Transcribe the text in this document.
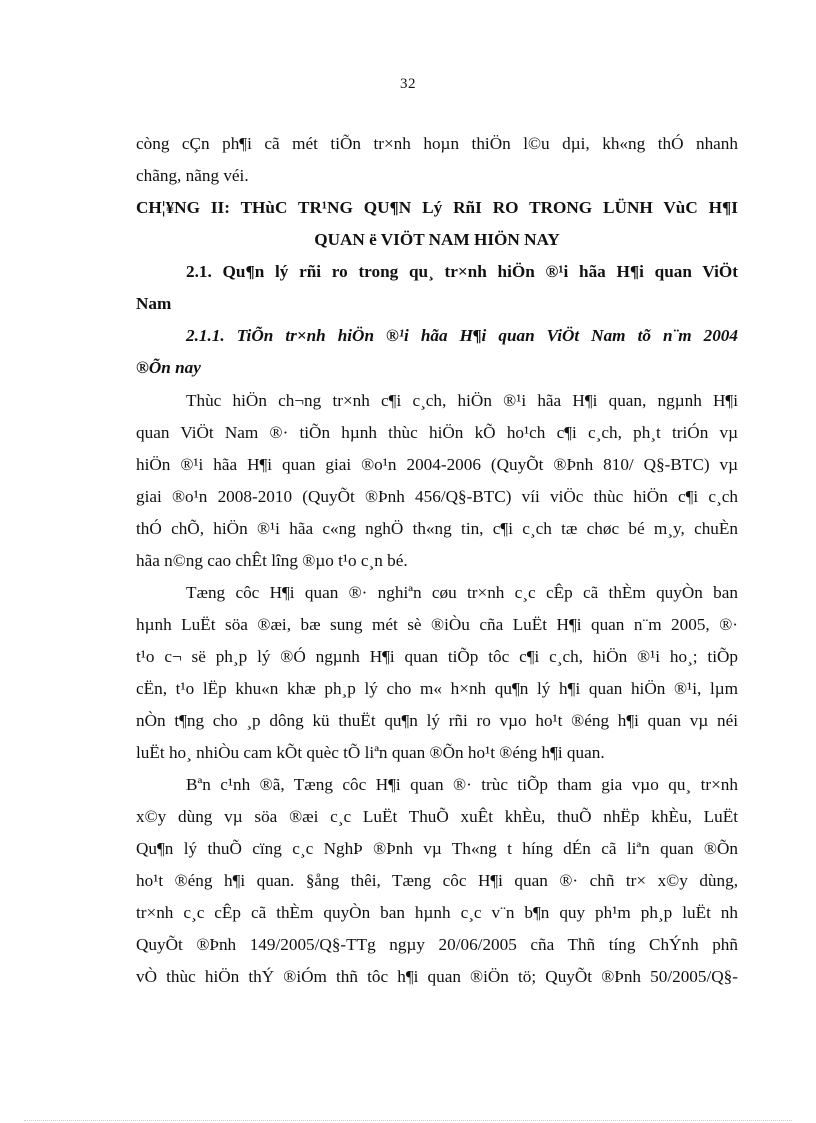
32
còng cÇn ph¶i cã mét tiÕn tr×nh hoµn thiÖn l©u dµi, kh«ng thÓ nhanh
chãng, nãng véi.
CH¦¥NG II: THùC TR¹NG QU¶N Lý RñI RO TRONG LÜNH VùC H¶I
QUAN ë VIÖT NAM HIÖN NAY
2.1. Qu¶n lý rñi ro trong qu¸ tr×nh hiÖn ®¹i hãa H¶i quan ViÖt
Nam
2.1.1. TiÕn tr×nh hiÖn ®¹i hãa H¶i quan ViÖt Nam tõ n¨m 2004
®Õn nay
Thùc hiÖn ch¬ng tr×nh c¶i c¸ch, hiÖn ®¹i hãa H¶i quan, ngµnh H¶i
quan ViÖt Nam ®· tiÕn hµnh thùc hiÖn kÕ ho¹ch c¶i c¸ch, ph¸t triÓn vµ
hiÖn ®¹i hãa H¶i quan giai ®o¹n 2004-2006 (QuyÕt ®Þnh 810/ Q§-BTC) vµ
giai ®o¹n 2008-2010 (QuyÕt ®Þnh 456/Q§-BTC) víi viÖc thùc hiÖn c¶i c¸ch
thÓ chÕ, hiÖn ®¹i hãa c«ng nghÖ th«ng tin, c¶i c¸ch tæ chøc bé m¸y, chuÈn
hãa n©ng cao chÊt lîng ®µo t¹o c¸n bé.
Tæng côc H¶i quan ®· nghiªn cøu tr×nh c¸c cÊp cã thÈm quyÒn ban
hµnh LuËt söa ®æi, bæ sung mét sè ®iÒu cña LuËt H¶i quan n¨m 2005, ®·
t¹o c¬ së ph¸p lý ®Ó ngµnh H¶i quan tiÕp tôc c¶i c¸ch, hiÖn ®¹i ho¸; tiÕp
cËn, t¹o lËp khu«n khæ ph¸p lý cho m« h×nh qu¶n lý h¶i quan hiÖn ®¹i, lµm
nÒn t¶ng cho ¸p dông kü thuËt qu¶n lý rñi ro vµo ho¹t ®éng h¶i quan vµ néi
luËt ho¸ nhiÒu cam kÕt quèc tÕ liªn quan ®Õn ho¹t ®éng h¶i quan.
Bªn c¹nh ®ã, Tæng côc H¶i quan ®· trùc tiÕp tham gia vµo qu¸ tr×nh
x©y dùng vµ söa ®æi c¸c LuËt ThuÕ xuÊt khÈu, thuÕ nhËp khÈu, LuËt
Qu¶n lý thuÕ cïng c¸c NghÞ ®Þnh vµ Th«ng t híng dÉn cã liªn quan ®Õn
ho¹t ®éng h¶i quan. §ång thêi, Tæng côc H¶i quan ®· chñ tr× x©y dùng,
tr×nh c¸c cÊp cã thÈm quyÒn ban hµnh c¸c v¨n b¶n quy ph¹m ph¸p luËt nh
QuyÕt ®Þnh 149/2005/Q§-TTg ngµy 20/06/2005 cña Thñ tíng ChÝnh phñ
vÒ thùc hiÖn thÝ ®iÓm thñ tôc h¶i quan ®iÖn tö; QuyÕt ®Þnh 50/2005/Q§-
